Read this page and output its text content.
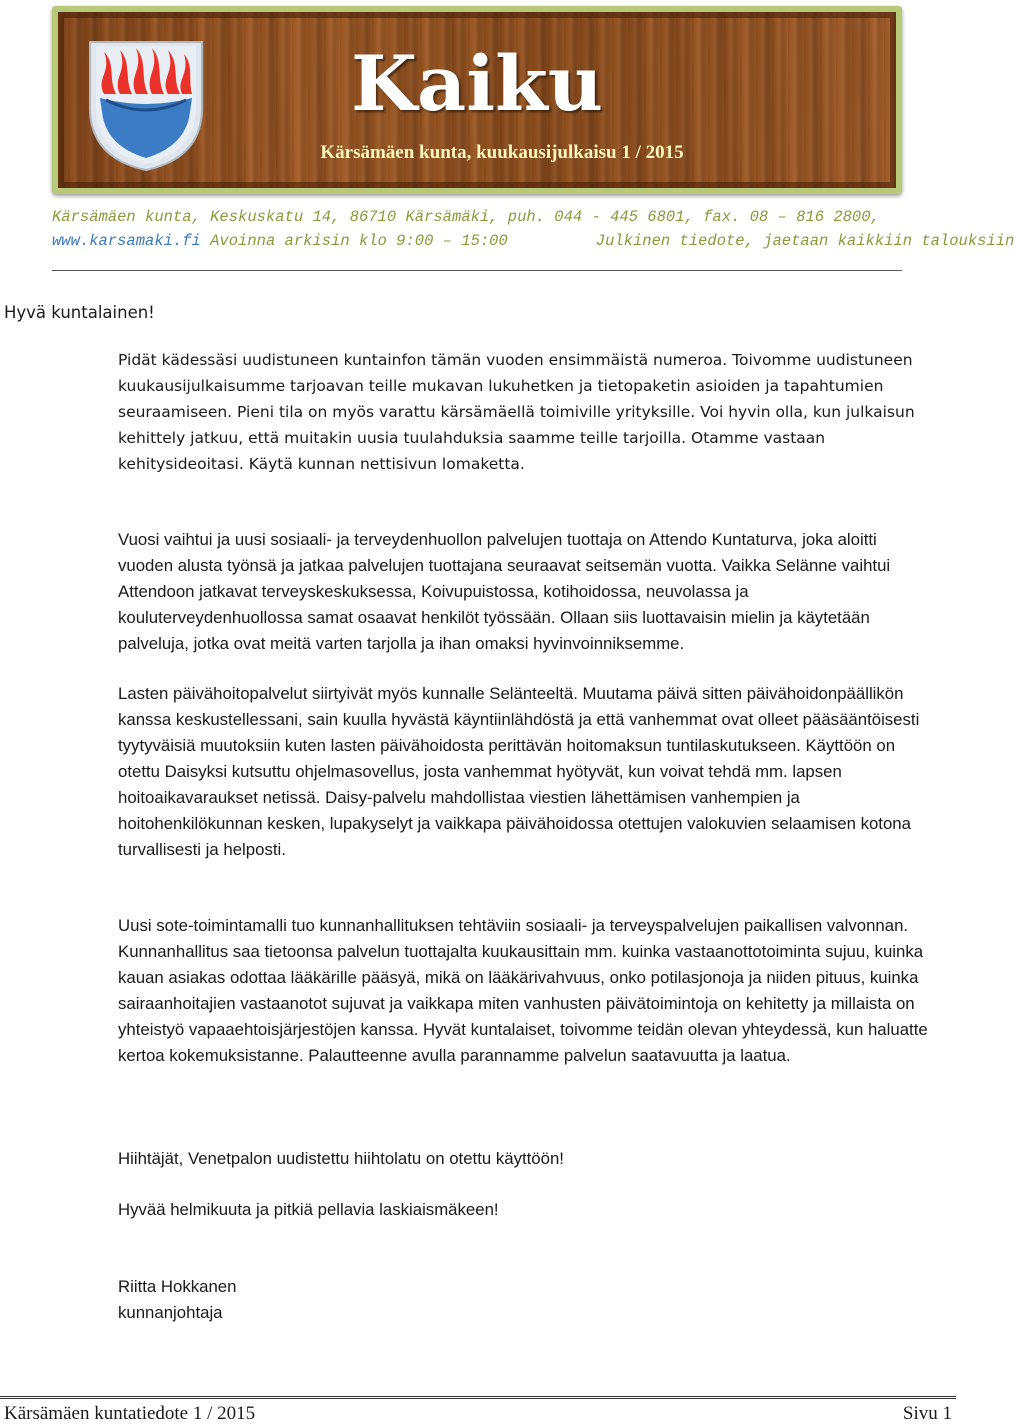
Kaiku
Kärsämäen kunta, kuukausijulkaisu 1 / 2015
Kärsämäen kunta, Keskuskatu 14, 86710 Kärsämäki, puh. 044 - 445 6801, fax. 08 – 816 2800,
www.karsamaki.fi Avoinna arkisin klo 9:00 – 15:00	Julkinen tiedote, jaetaan kaikkiin talouksiin
Hyvä kuntalainen!

Pidät kädessäsi uudistuneen kuntainfon tämän vuoden ensimmäistä numeroa. Toivomme uudistuneen kuukausijulkaisumme tarjoavan teille mukavan lukuhetken ja tietopaketin asioiden ja tapahtumien seuraamiseen. Pieni tila on myös varattu kärsämäellä toimiville yrityksille. Voi hyvin olla, kun julkaisun kehittely jatkuu, että muitakin uusia tuulahduksia saamme teille tarjoilla. Otamme vastaan kehitysideoitasi. Käytä kunnan nettisivun lomaketta.

Vuosi vaihtui ja uusi sosiaali- ja terveydenhuollon palvelujen tuottaja on Attendo Kuntaturva, joka aloitti vuoden alusta työnsä ja jatkaa palvelujen tuottajana seuraavat seitsemän vuotta. Vaikka Selänne vaihtui Attendoon jatkavat terveyskeskuksessa, Koivupuistossa, kotihoidossa, neuvolassa ja kouluterveydenhuollossa samat osaavat henkilöt työssään. Ollaan siis luottavaisin mielin ja käytetään palveluja, jotka ovat meitä varten tarjolla ja ihan omaksi hyvinvoinniksemme.

Lasten päivähoitopalvelut siirtyivät myös kunnalle Selänteeltä. Muutama päivä sitten päivähoidonpäällikön kanssa keskustellessani, sain kuulla hyvästä käyntiinlähdöstä ja että vanhemmat ovat olleet pääsääntöisesti tyytyväisiä muutoksiin kuten lasten päivähoidosta perittävän hoitomaksun tuntilaskutukseen. Käyttöön on otettu Daisyksi kutsuttu ohjelmasovellus, josta vanhemmat hyötyvät, kun voivat tehdä mm. lapsen hoitoaikavaraukset netissä. Daisy-palvelu mahdollistaa viestien lähettämisen vanhempien ja hoitohenkilökunnan kesken, lupakyselyt ja vaikkapa päivähoidossa otettujen valokuvien selaamisen kotona turvallisesti ja helposti.

Uusi sote-toimintamalli tuo kunnanhallituksen tehtäviin sosiaali- ja terveyspalvelujen paikallisen valvonnan. Kunnanhallitus saa tietoonsa palvelun tuottajalta kuukausittain mm. kuinka vastaanottotoiminta sujuu, kuinka kauan asiakas odottaa lääkärille pääsyä, mikä on lääkärivahvuus, onko potilasjonoja ja niiden pituus, kuinka sairaanhoitajien vastaanotot sujuvat ja vaikkapa miten vanhusten päivätoimintoja on kehitetty ja millaista on yhteistyö vapaaehtoisjärjestöjen kanssa. Hyvät kuntalaiset, toivomme teidän olevan yhteydessä, kun haluatte kertoa kokemuksistanne. Palautteenne avulla parannamme palvelun saatavuutta ja laatua.

Hiihtäjät, Venetpalon uudistettu hiihtolatu on otettu käyttöön!

Hyvää helmikuuta ja pitkiä pellavia laskiaismäkeen!

Riitta Hokkanen

kunnanjohtaja

Kärsämäen kuntatiedote 1 / 2015	Sivu 1
